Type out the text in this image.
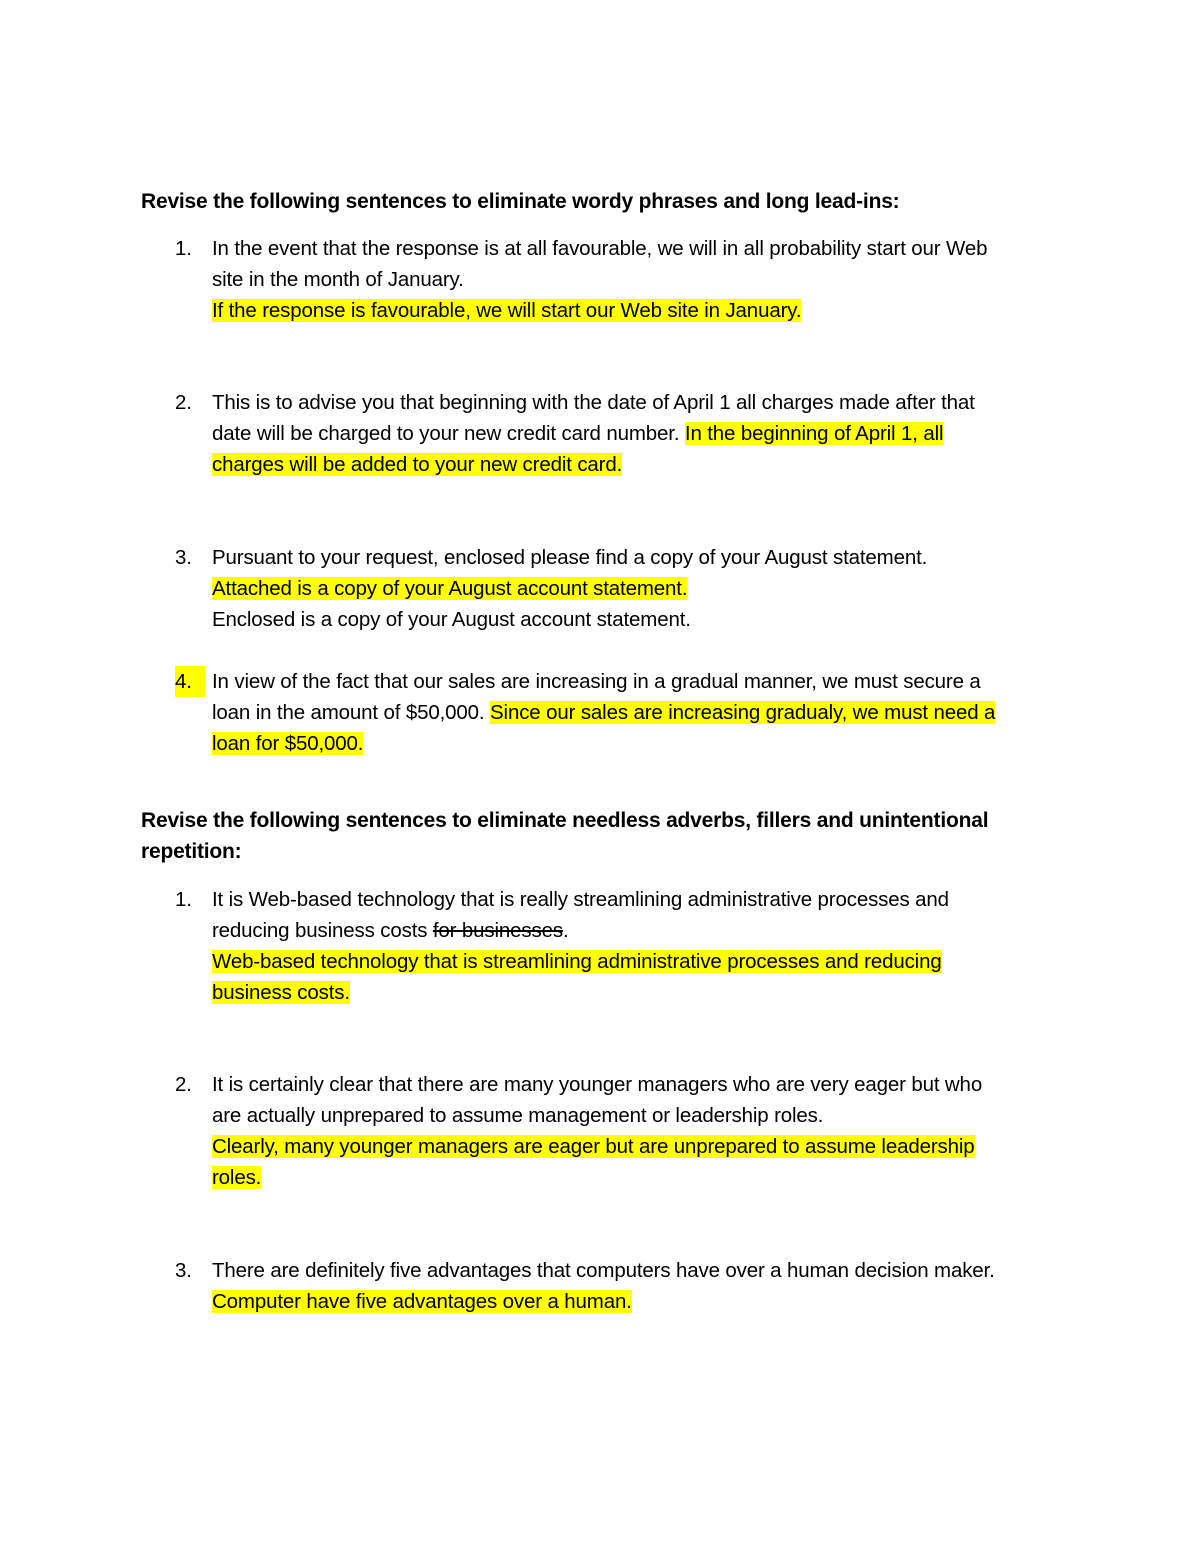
Revise the following sentences to eliminate wordy phrases and long lead-ins:
1. In the event that the response is at all favourable, we will in all probability start our Web
site in the month of January.
If the response is favourable, we will start our Web site in January.
2. This is to advise you that beginning with the date of April 1 all charges made after that
date will be charged to your new credit card number. In the beginning of April 1, all
charges will be added to your new credit card.
3. Pursuant to your request, enclosed please find a copy of your August statement.
Attached is a copy of your August account statement.
Enclosed is a copy of your August account statement.
4. In view of the fact that our sales are increasing in a gradual manner, we must secure a
loan in the amount of $50,000. Since our sales are increasing gradualy, we must need a
loan for $50,000.
Revise the following sentences to eliminate needless adverbs, fillers and unintentional
repetition:
1. It is Web-based technology that is really streamlining administrative processes and
reducing business costs for businesses.
Web-based technology that is streamlining administrative processes and reducing
business costs.
2. It is certainly clear that there are many younger managers who are very eager but who
are actually unprepared to assume management or leadership roles.
Clearly, many younger managers are eager but are unprepared to assume leadership
roles.
3. There are definitely five advantages that computers have over a human decision maker.
Computer have five advantages over a human.
